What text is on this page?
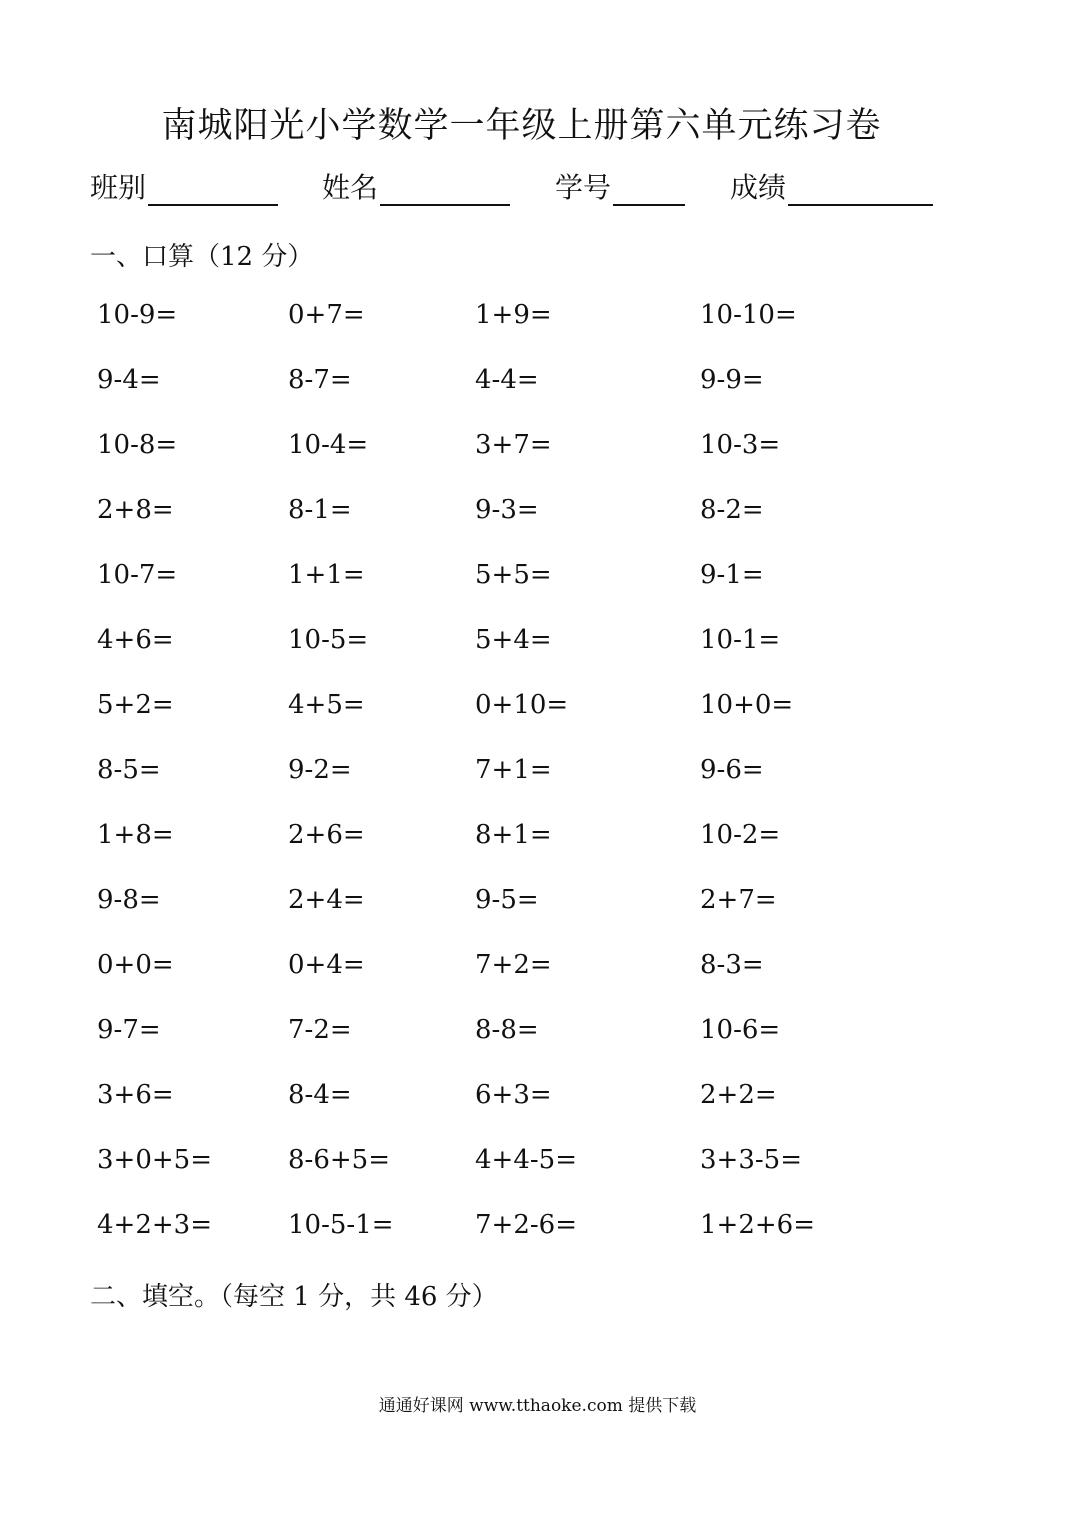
南城阳光小学数学一年级上册第六单元练习卷
班别	姓名	学号	成绩
一、口算（12 分）
10-9=	0+7=	1+9=	10-10=
9-4=	8-7=	4-4=	9-9=
10-8=	10-4=	3+7=	10-3=
2+8=	8-1=	9-3=	8-2=
10-7=	1+1=	5+5=	9-1=
4+6=	10-5=	5+4=	10-1=
5+2=	4+5=	0+10=	10+0=
8-5=	9-2=	7+1=	9-6=
1+8=	2+6=	8+1=	10-2=
9-8=	2+4=	9-5=	2+7=
0+0=	0+4=	7+2=	8-3=
9-7=	7-2=	8-8=	10-6=
3+6=	8-4=	6+3=	2+2=
3+0+5=	8-6+5=	4+4-5=	3+3-5=
4+2+3=	10-5-1=	7+2-6=	1+2+6=
二、填空。（每空 1 分，共 46 分）
通通好课网 www.tthaoke.com 提供下载
